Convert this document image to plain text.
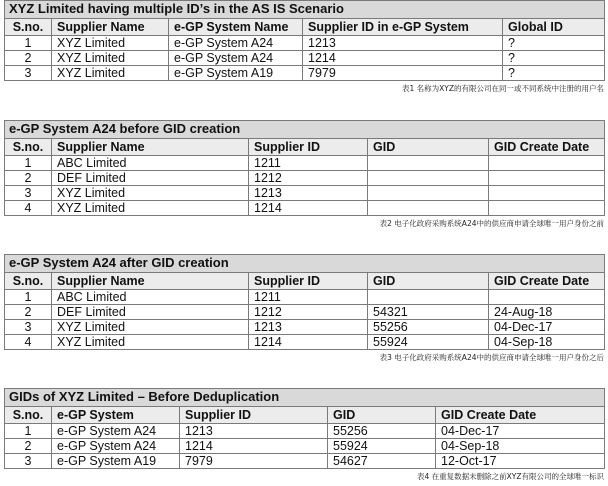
XYZ Limited having multiple ID’s in the AS IS Scenario				
S.no.	Supplier Name	e-GP System Name	Supplier ID in e-GP System	Global ID
1	XYZ Limited	e-GP System A24	1213	?
2	XYZ Limited	e-GP System A24	1214	?
3	XYZ Limited	e-GP System A19	7979	?
表1 名称为XYZ的有限公司在同一或不同系统中注册的用户名
e-GP System A24 before GID creation				
S.no.	Supplier Name	Supplier ID	GID	GID Create Date
1	ABC Limited	1211		
2	DEF Limited	1212		
3	XYZ Limited	1213		
4	XYZ Limited	1214		
表2 电子化政府采购系统A24中的供应商申请全球唯一用户身份之前
e-GP System A24 after GID creation				
S.no.	Supplier Name	Supplier ID	GID	GID Create Date
1	ABC Limited	1211		
2	DEF Limited	1212	54321	24-Aug-18
3	XYZ Limited	1213	55256	04-Dec-17
4	XYZ Limited	1214	55924	04-Sep-18
表3 电子化政府采购系统A24中的供应商申请全球唯一用户身份之后
GIDs of XYZ Limited – Before Deduplication				
S.no.	e-GP System	Supplier ID	GID	GID Create Date
1	e-GP System A24	1213	55256	04-Dec-17
2	e-GP System A24	1214	55924	04-Sep-18
3	e-GP System A19	7979	54627	12-Oct-17
表4 在重复数据未删除之前XYZ有限公司的全球唯一标识
